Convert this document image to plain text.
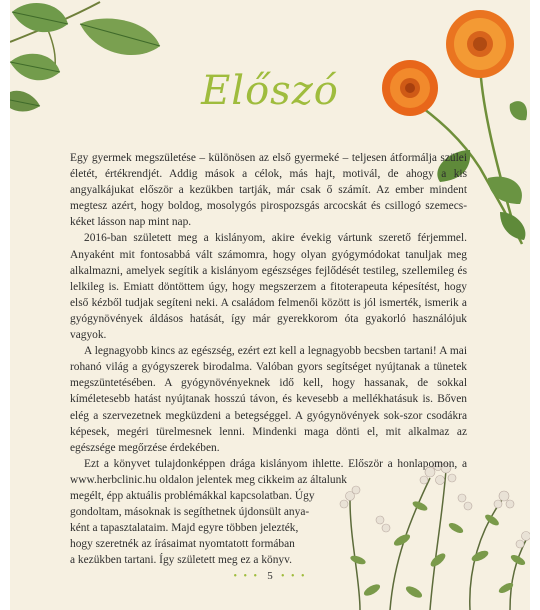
Előszó

Egy gyermek megszületése – különösen az első gyermeké – teljesen átformálja szülei életét, értékrendjét. Addig mások a célok, más hajt, motivál, de ahogy a kis angyalkájukat először a kezükben tartják, már csak ő számít. Az ember mindent megtesz azért, hogy boldog, mosolygós pirospozsgás arcocskát és csillogó szemecs-kéket lásson nap mint nap.

2016-ban született meg a kislányom, akire évekig vártunk szerető férjemmel. Anyaként mit fontosabbá vált számomra, hogy olyan gyógymódokat tanuljak meg alkalmazni, amelyek segítik a kislányom egészséges fejlődését testileg, szellemileg és lelkileg is. Emiatt döntöttem úgy, hogy megszerzem a fitoterapeuta képesítést, hogy első kézből tudjak segíteni neki. A családom felmenői között is jól ismerték, ismerik a gyógynövények áldásos hatását, így már gyerekkorom óta gyakorló használójuk vagyok.

A legnagyobb kincs az egészség, ezért ezt kell a legnagyobb becsben tartani! A mai rohanó világ a gyógyszerek birodalma. Valóban gyors segítséget nyújtanak a tünetek megszüntetésében. A gyógynövényeknek idő kell, hogy hassanak, de sokkal kíméletesebb hatást nyújtanak hosszú távon, és kevesebb a mellékhatásuk is. Bőven elég a szervezetnek megküzdeni a betegséggel. A gyógynövények sok-szor csodákra képesek, megéri türelmesnek lenni. Mindenki maga dönti el, mit alkalmaz az egészsége megőrzése érdekében.

Ezt a könyvet tulajdonképpen drága kislányom ihlette. Először a honlapomon, a www.herbclinic.hu oldalon jelentek meg cikkeim az általunk

megélt, épp aktuális problémákkal kapcsolatban. Úgy
gondoltam, másoknak is segíthetnek újdonsült anya-
ként a tapasztalataim. Majd egyre többen jelezték,
hogy szeretnék az írásaimat nyomtatott formában
a kezükben tartani. Így született meg ez a könyv.
• • • 5 • • •
